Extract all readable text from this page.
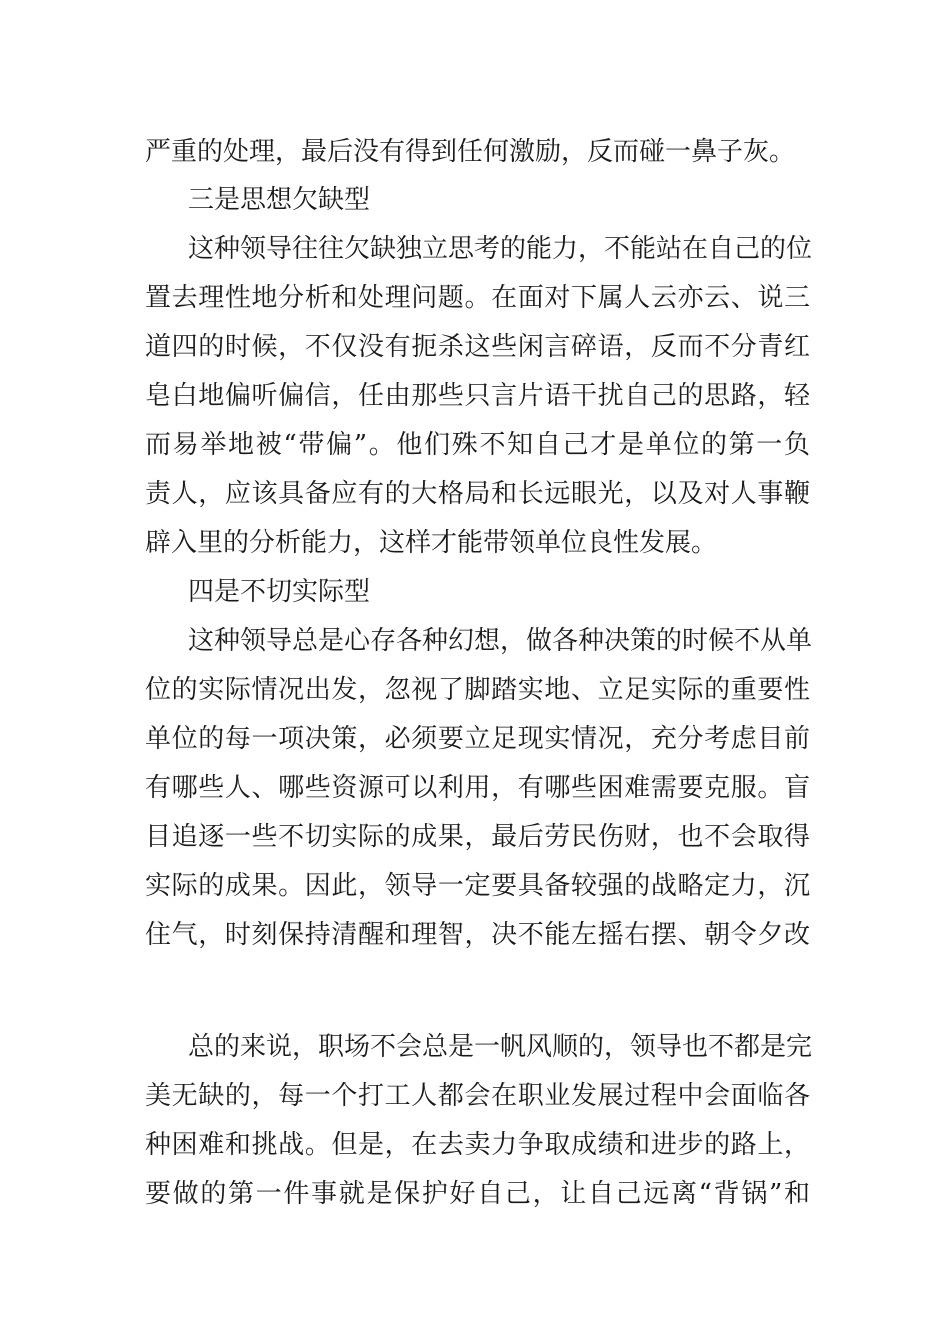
严重的处理，最后没有得到任何激励，反而碰一鼻子灰。
三是思想欠缺型
这种领导往往欠缺独立思考的能力，不能站在自己的位
置去理性地分析和处理问题。在面对下属人云亦云、说三
道四的时候，不仅没有扼杀这些闲言碎语，反而不分青红
皂白地偏听偏信，任由那些只言片语干扰自己的思路，轻
而易举地被“带偏”。他们殊不知自己才是单位的第一负
责人，应该具备应有的大格局和长远眼光，以及对人事鞭
辟入里的分析能力，这样才能带领单位良性发展。
四是不切实际型
这种领导总是心存各种幻想，做各种决策的时候不从单
位的实际情况出发，忽视了脚踏实地、立足实际的重要性
单位的每一项决策，必须要立足现实情况，充分考虑目前
有哪些人、哪些资源可以利用，有哪些困难需要克服。盲
目追逐一些不切实际的成果，最后劳民伤财，也不会取得
实际的成果。因此，领导一定要具备较强的战略定力，沉
住气，时刻保持清醒和理智，决不能左摇右摆、朝令夕改
总的来说，职场不会总是一帆风顺的，领导也不都是完
美无缺的，每一个打工人都会在职业发展过程中会面临各
种困难和挑战。但是，在去卖力争取成绩和进步的路上，
要做的第一件事就是保护好自己，让自己远离“背锅”和
